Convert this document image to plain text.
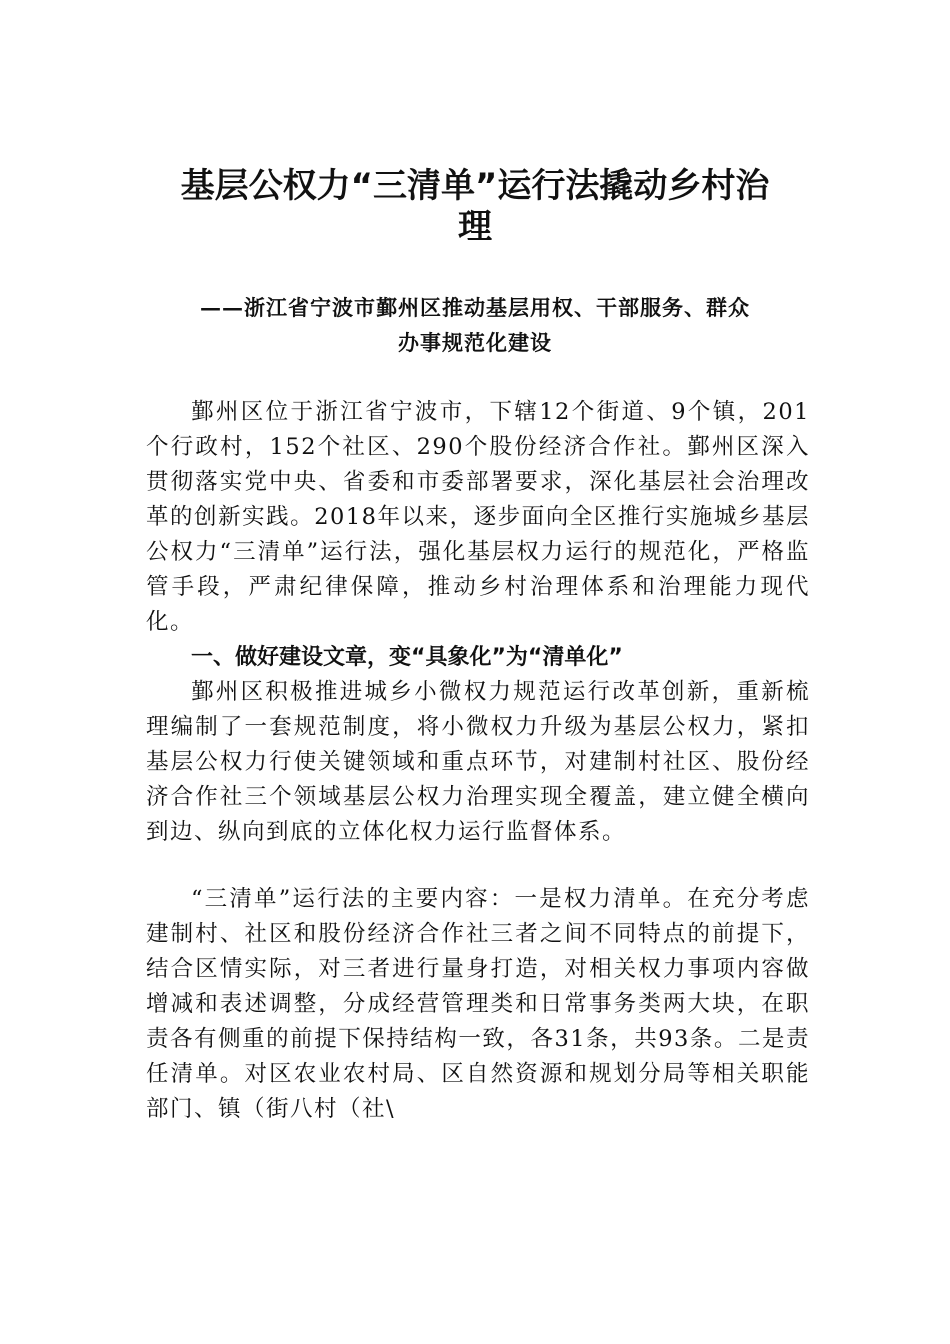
基层公权力“三清单”运行法撬动乡村治
理

——浙江省宁波市鄞州区推动基层用权、干部服务、群众

办事规范化建设

鄞州区位于浙江省宁波市，下辖12个街道、9个镇，201个行政村，152个社区、290个股份经济合作社。鄞州区深入贯彻落实党中央、省委和市委部署要求，深化基层社会治理改革的创新实践。2018年以来，逐步面向全区推行实施城乡基层公权力“三清单”运行法，强化基层权力运行的规范化，严格监管手段，严肃纪律保障，推动乡村治理体系和治理能力现代化。

一、做好建设文章，变“具象化”为“清单化”

鄞州区积极推进城乡小微权力规范运行改革创新，重新梳理编制了一套规范制度，将小微权力升级为基层公权力，紧扣基层公权力行使关键领域和重点环节，对建制村社区、股份经济合作社三个领域基层公权力治理实现全覆盖，建立健全横向到边、纵向到底的立体化权力运行监督体系。

“三清单”运行法的主要内容：一是权力清单。在充分考虑建制村、社区和股份经济合作社三者之间不同特点的前提下，结合区情实际，对三者进行量身打造，对相关权力事项内容做增减和表述调整，分成经营管理类和日常事务类两大块，在职责各有侧重的前提下保持结构一致，各31条，共93条。二是责任清单。对区农业农村局、区自然资源和规划分局等相关职能部门、镇（街八村（社\
